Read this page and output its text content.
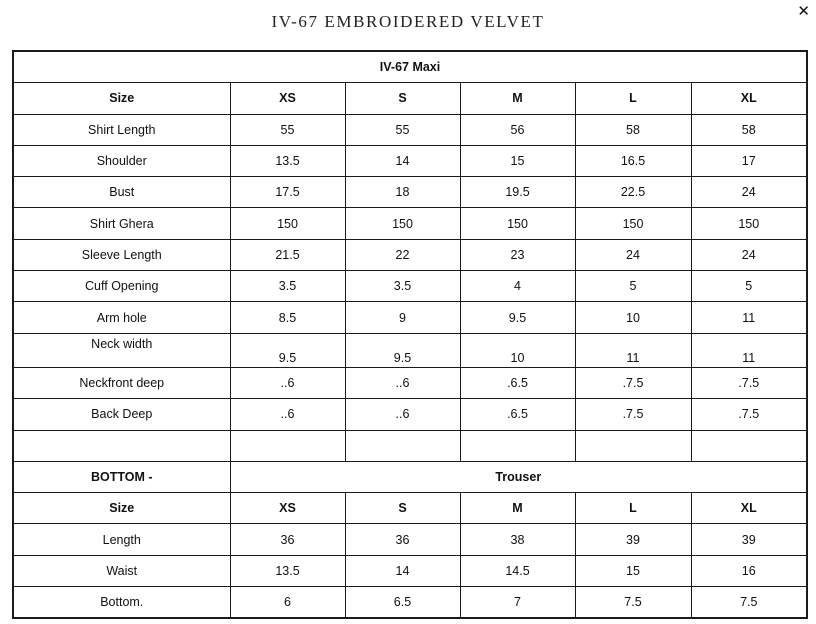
IV-67 EMBROIDERED VELVET
✕
IV-67 Maxi					
Size	XS	S	M	L	XL
Shirt Length	55	55	56	58	58
Shoulder	13.5	14	15	16.5	17
Bust	17.5	18	19.5	22.5	24
Shirt Ghera	150	150	150	150	150
Sleeve Length	21.5	22	23	24	24
Cuff Opening	3.5	3.5	4	5	5
Arm hole	8.5	9	9.5	10	11
Neck width	9.5	9.5	10	11	11
Neckfront deep	..6	..6	.6.5	.7.5	.7.5
Back Deep	..6	..6	.6.5	.7.5	.7.5

BOTTOM -	Trouser				
Size	XS	S	M	L	XL
Length	36	36	38	39	39
Waist	13.5	14	14.5	15	16
Bottom.	6	6.5	7	7.5	7.5
